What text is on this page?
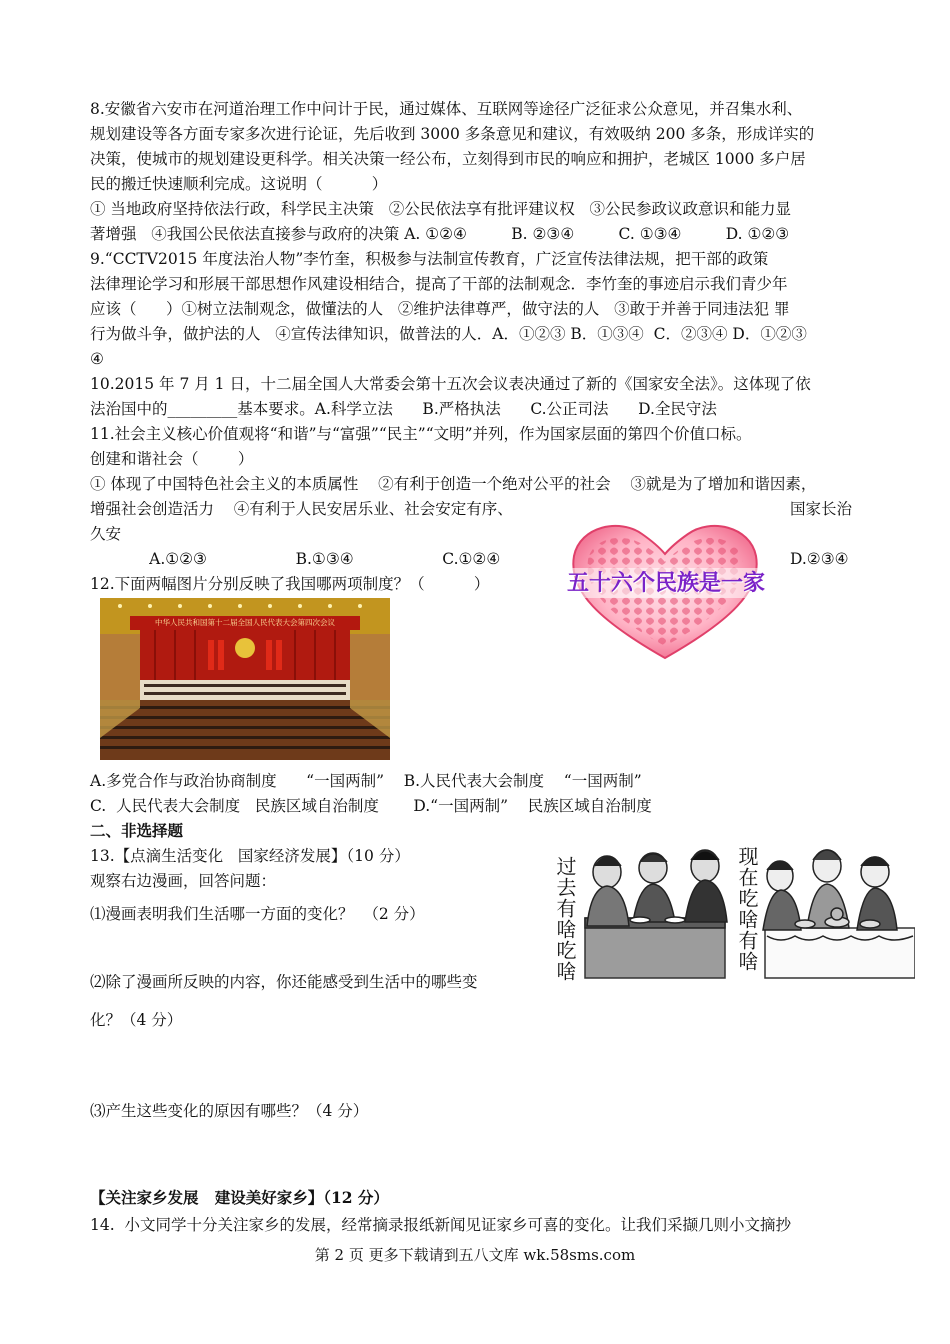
8.安徽省六安市在河道治理工作中问计于民，通过媒体、互联网等途径广泛征求公众意见，并召集水利、
规划建设等各方面专家多次进行论证，先后收到 3000 多条意见和建议，有效吸纳 200 多条，形成详实的
决策，使城市的规划建设更科学。相关决策一经公布，立刻得到市民的响应和拥护，老城区 1000 多户居
民的搬迁快速顺利完成。这说明（          ）
① 当地政府坚持依法行政，科学民主决策   ②公民依法享有批评建议权   ③公民参政议政意识和能力显
著增强   ④我国公民依法直接参与政府的决策 A. ①②④         B. ②③④         C. ①③④         D. ①②③
9.“CCTV2015 年度法治人物”李竹奎，积极参与法制宣传教育，广泛宣传法律法规，把干部的政策
法律理论学习和形展干部思想作风建设相结合，提高了干部的法制观念．李竹奎的事迹启示我们青少年
应该（      ）①树立法制观念，做懂法的人   ②维护法律尊严，做守法的人   ③敢于并善于同违法犯 罪
行为做斗争，做护法的人   ④宣传法律知识，做普法的人．A．①②③ B．①③④  C．②③④ D．①②③
④
10.2015 年 7 月 1 日，十二届全国人大常委会第十五次会议表决通过了新的《国家安全法》。这体现了依
法治国中的_________基本要求。A.科学立法      B.严格执法      C.公正司法      D.全民守法
11.社会主义核心价值观将“和谐”与“富强”“民主”“文明”并列，作为国家层面的第四个价值口标。
创建和谐社会（        ）
① 体现了中国特色社会主义的本质属性    ②有利于创造一个绝对公平的社会    ③就是为了增加和谐因素，
增强社会创造活力    ④有利于人民安居乐业、社会安定有序、
久安
A.①②③                  B.①③④                  C.①②④
12.下面两幅图片分别反映了我国哪两项制度？（          ）
国家长治
D.②③④
五十六个民族是一家
中华人民共和国第十二届全国人民代表大会第四次会议
A.多党合作与政治协商制度      “一国两制”    B.人民代表大会制度    “一国两制”
C.  人民代表大会制度   民族区域自治制度       D.“一国两制”    民族区域自治制度
二、非选择题
13.【点滴生活变化   国家经济发展】（10 分）
观察右边漫画，回答问题：
⑴漫画表明我们生活哪一方面的变化？  （2 分）
⑵除了漫画所反映的内容，你还能感受到生活中的哪些变
化？（4 分）
⑶产生这些变化的原因有哪些？（4 分）
【关注家乡发展   建设美好家乡】（12 分）
14.  小文同学十分关注家乡的发展，经常摘录报纸新闻见证家乡可喜的变化。让我们采撷几则小文摘抄
过去有啥吃啥	现在吃啥有啥
第 2 页 更多下载请到五八文库 wk.58sms.com
